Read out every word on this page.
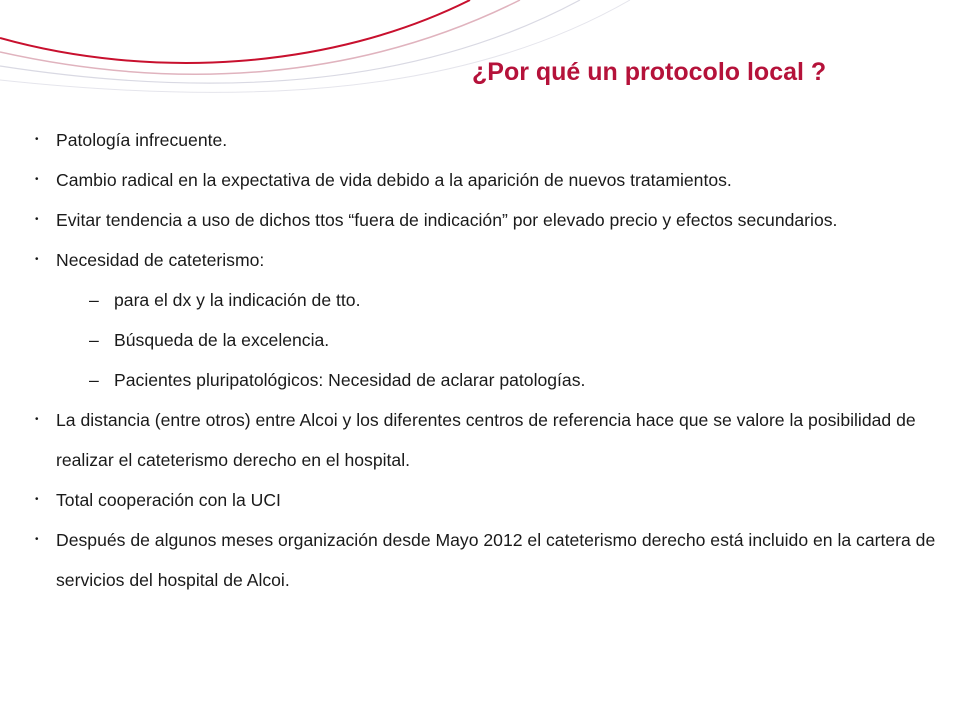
¿Por qué un protocolo local ?
• Patología infrecuente.
• Cambio radical en la expectativa de vida debido a la aparición de nuevos tratamientos.
• Evitar tendencia a uso de dichos ttos “fuera de indicación” por elevado precio y efectos secundarios.
• Necesidad de cateterismo:
– para el dx y la indicación de tto.
– Búsqueda de la excelencia.
– Pacientes pluripatológicos: Necesidad de aclarar patologías.
• La distancia (entre otros) entre Alcoi y los diferentes centros de referencia hace que se valore la posibilidad de realizar el cateterismo derecho en el hospital.
• Total cooperación con la UCI
• Después de algunos meses organización desde Mayo 2012 el cateterismo derecho está incluido en la cartera de servicios del hospital de Alcoi.
